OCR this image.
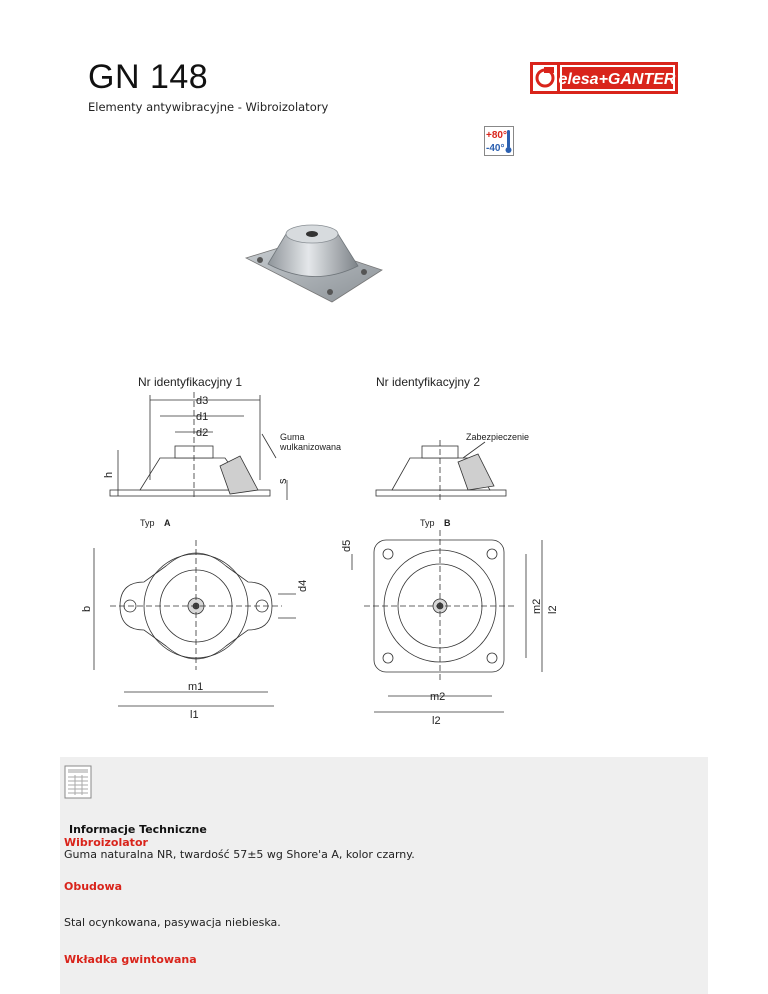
GN 148
Elementy antywibracyjne - Wibroizolatory
elesa+GANTER
+80°
-40°
Nr identyfikacyjny 1	Nr identyfikacyjny 2
d3
d1
d2
h
s
Guma
wulkanizowana
Zabezpieczenie
Typ A	Typ B
b
d4
d5
m1
l1
m2
l2
m2 l2
Informacje Techniczne
Wibroizolator
Guma naturalna NR, twardość 57±5 wg Shore'a A, kolor czarny.
Obudowa
Stal ocynkowana, pasywacja niebieska.
Wkładka gwintowana
